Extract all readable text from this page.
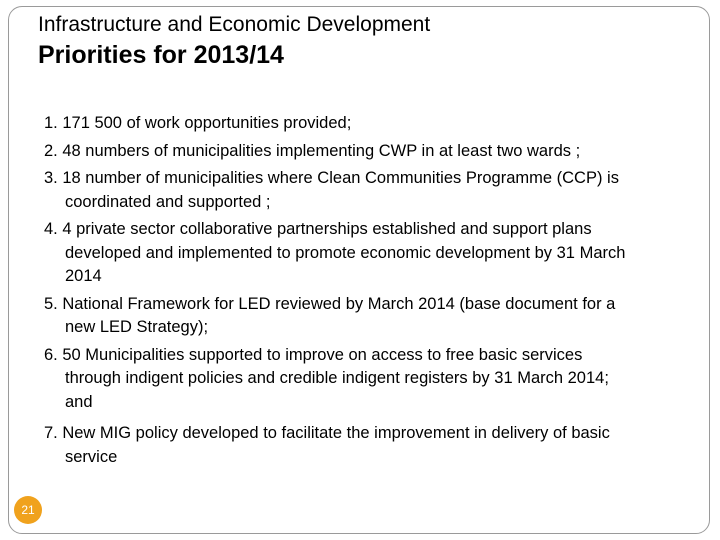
Infrastructure and Economic Development
Priorities for 2013/14
1. 171 500 of work opportunities provided;
2. 48 numbers of municipalities implementing CWP in at least two wards ;
3. 18 number of municipalities where Clean Communities Programme (CCP) is
coordinated and supported ;
4. 4 private sector collaborative partnerships established and support plans
developed and implemented to promote economic development by 31 March
2014
5. National Framework for LED reviewed by March 2014 (base document for a
new LED Strategy);
6. 50 Municipalities supported to improve on access to free basic services
through indigent policies and credible indigent registers by 31 March 2014;
and
7. New MIG policy developed to facilitate the improvement in delivery of basic
service
21
